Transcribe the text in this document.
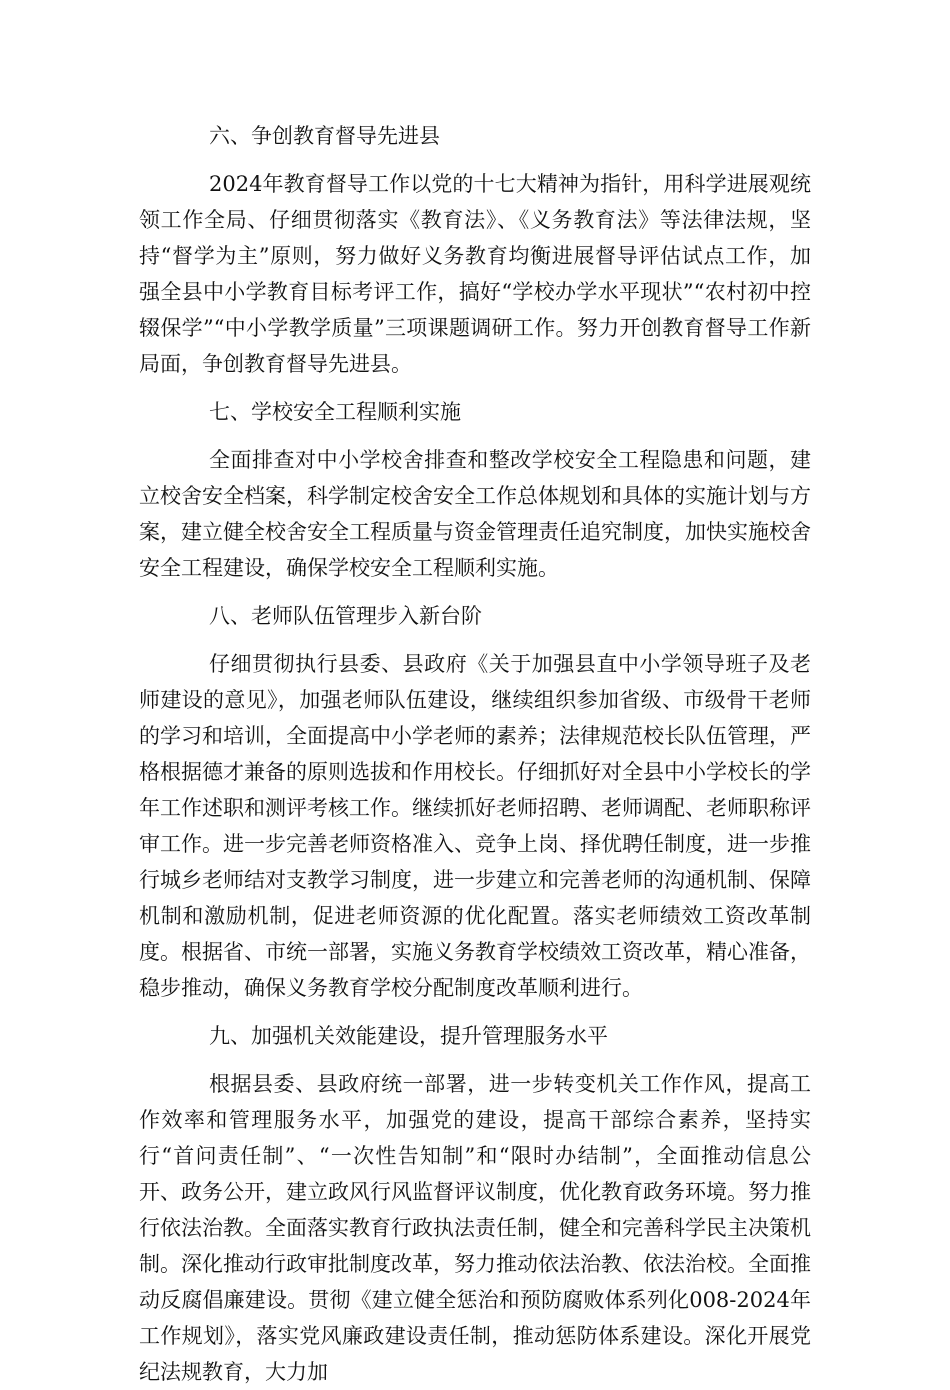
六、争创教育督导先进县

2024年教育督导工作以党的十七大精神为指针，用科学进展观统领工作全局、仔细贯彻落实《教育法》、《义务教育法》等法律法规，坚持“督学为主”原则，努力做好义务教育均衡进展督导评估试点工作，加强全县中小学教育目标考评工作，搞好“学校办学水平现状”“农村初中控辍保学”“中小学教学质量”三项课题调研工作。努力开创教育督导工作新局面，争创教育督导先进县。

七、学校安全工程顺利实施

全面排查对中小学校舍排查和整改学校安全工程隐患和问题，建立校舍安全档案，科学制定校舍安全工作总体规划和具体的实施计划与方案，建立健全校舍安全工程质量与资金管理责任追究制度，加快实施校舍安全工程建设，确保学校安全工程顺利实施。

八、老师队伍管理步入新台阶

仔细贯彻执行县委、县政府《关于加强县直中小学领导班子及老师建设的意见》，加强老师队伍建设，继续组织参加省级、市级骨干老师的学习和培训，全面提高中小学老师的素养；法律规范校长队伍管理，严格根据德才兼备的原则选拔和作用校长。仔细抓好对全县中小学校长的学年工作述职和测评考核工作。继续抓好老师招聘、老师调配、老师职称评审工作。进一步完善老师资格准入、竞争上岗、择优聘任制度，进一步推行城乡老师结对支教学习制度，进一步建立和完善老师的沟通机制、保障机制和激励机制，促进老师资源的优化配置。落实老师绩效工资改革制度。根据省、市统一部署，实施义务教育学校绩效工资改革，精心准备，稳步推动，确保义务教育学校分配制度改革顺利进行。

九、加强机关效能建设，提升管理服务水平

根据县委、县政府统一部署，进一步转变机关工作作风，提高工作效率和管理服务水平，加强党的建设，提高干部综合素养，坚持实行“首问责任制”、“一次性告知制”和“限时办结制”，全面推动信息公开、政务公开，建立政风行风监督评议制度，优化教育政务环境。努力推行依法治教。全面落实教育行政执法责任制，健全和完善科学民主决策机制。深化推动行政审批制度改革，努力推动依法治教、依法治校。全面推动反腐倡廉建设。贯彻《建立健全惩治和预防腐败体系列化008-2024年工作规划》，落实党风廉政建设责任制，推动惩防体系建设。深化开展党纪法规教育，大力加
